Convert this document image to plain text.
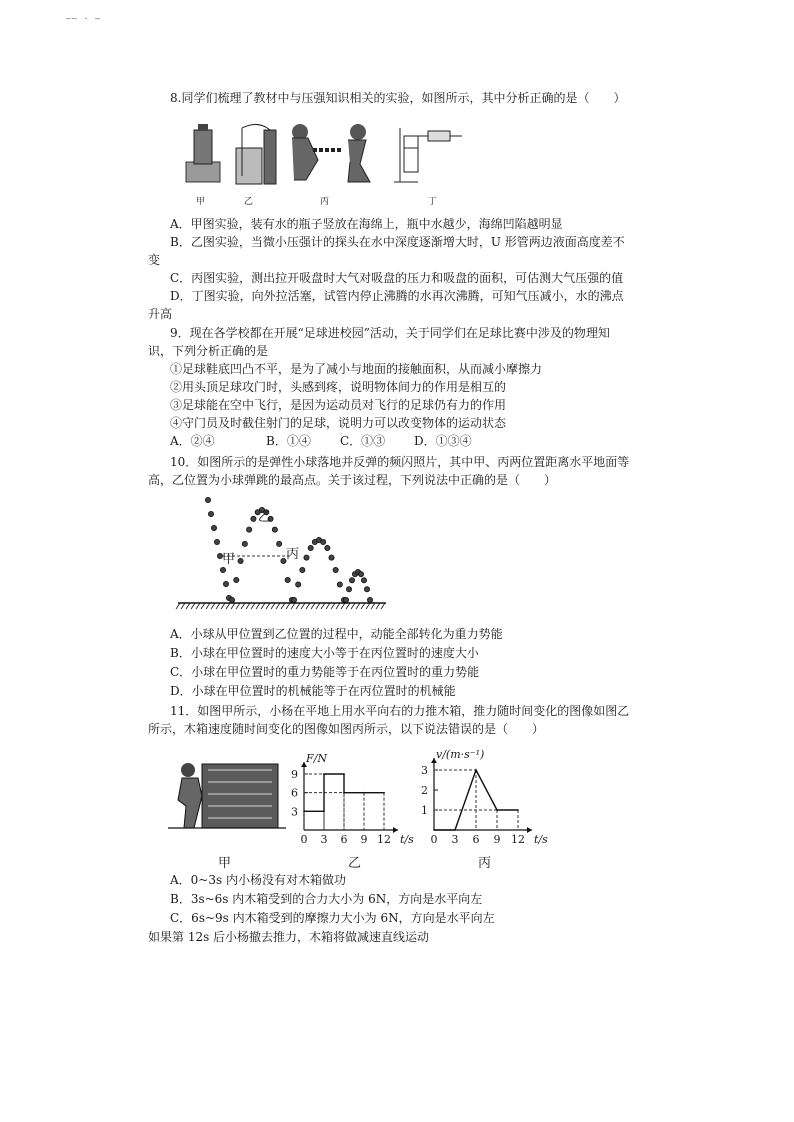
—— · —
8.同学们梳理了教材中与压强知识相关的实验，如图所示，其中分析正确的是（　　）
甲	乙	丙	丁
A．甲图实验，装有水的瓶子竖放在海绵上，瓶中水越少，海绵凹陷越明显
B．乙图实验，当微小压强计的探头在水中深度逐渐增大时，U 形管两边液面高度差不
变
C．丙图实验，测出拉开吸盘时大气对吸盘的压力和吸盘的面积，可估测大气压强的值
D．丁图实验，向外拉活塞，试管内停止沸腾的水再次沸腾，可知气压减小，水的沸点
升高
9．现在各学校都在开展“足球进校园”活动，关于同学们在足球比赛中涉及的物理知
识，下列分析正确的是
①足球鞋底凹凸不平，是为了减小与地面的接触面积，从而减小摩擦力
②用头顶足球攻门时，头感到疼，说明物体间力的作用是相互的
③足球能在空中飞行，是因为运动员对飞行的足球仍有力的作用
④守门员及时截住射门的足球，说明力可以改变物体的运动状态
A．②④	B．①④ C．①③ D．①③④
10．如图所示的是弹性小球落地并反弹的频闪照片，其中甲、丙两位置距离水平地面等
高，乙位置为小球弹跳的最高点。关于该过程，下列说法中正确的是（　　）
甲
乙
丙
A．小球从甲位置到乙位置的过程中，动能全部转化为重力势能
B．小球在甲位置时的速度大小等于在丙位置时的速度大小
C．小球在甲位置时的重力势能等于在丙位置时的重力势能
D．小球在甲位置时的机械能等于在丙位置时的机械能
11．如图甲所示，小杨在平地上用水平向右的力推木箱，推力随时间变化的图像如图乙
所示，木箱速度随时间变化的图像如图丙所示，以下说法错误的是（　　）
甲
0 3 6 9 12
3
6
9
t/s
F/N
乙
0 3 6 9 12
1
2
3
t/s
v/(m·s⁻¹)
丙
A．0~3s 内小杨没有对木箱做功
B．3s~6s 内木箱受到的合力大小为 6N，方向是水平向左
C．6s~9s 内木箱受到的摩擦力大小为 6N，方向是水平向左
如果第 12s 后小杨撤去推力，木箱将做减速直线运动
